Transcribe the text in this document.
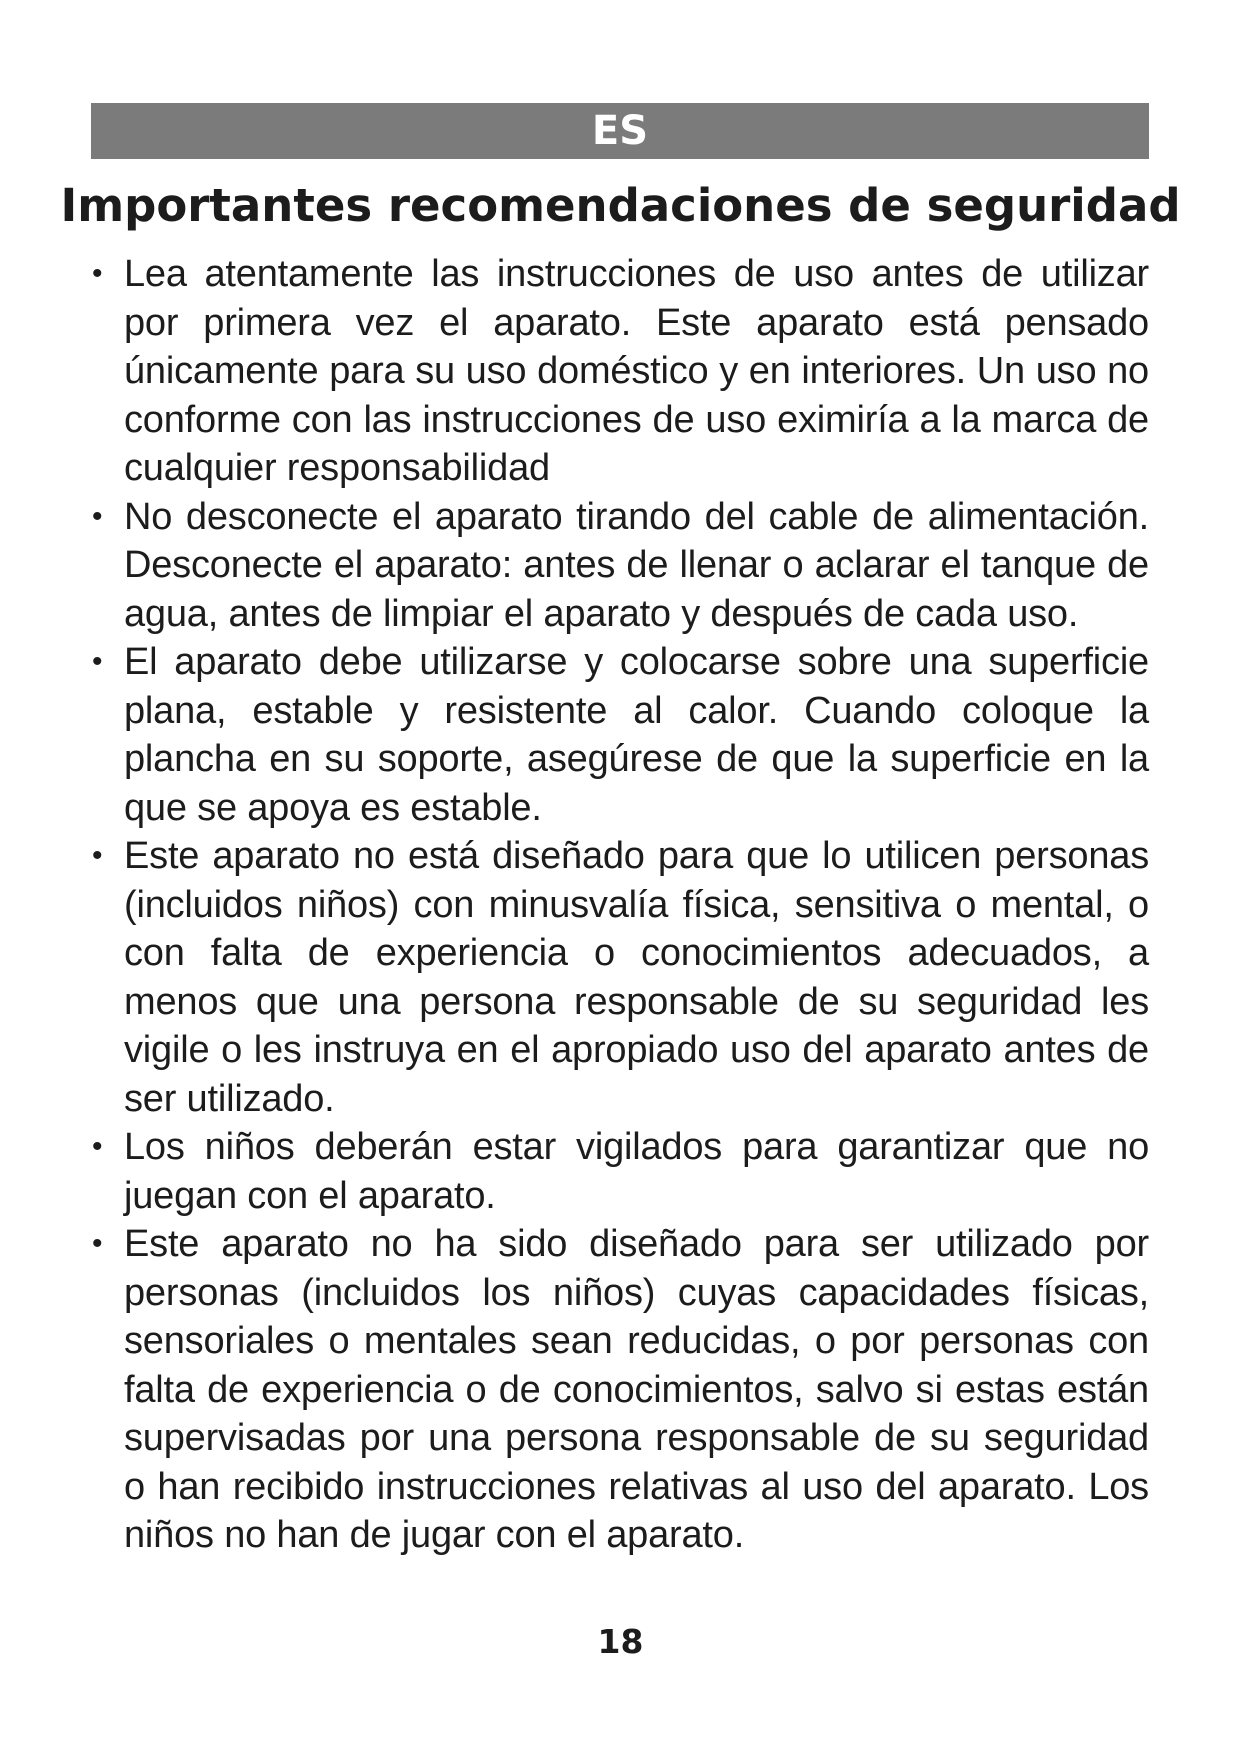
ES
Importantes recomendaciones de seguridad
• Lea atentamente las instrucciones de uso antes de utilizar por primera vez el aparato. Este aparato está pensado únicamente para su uso doméstico y en interiores. Un uso no conforme con las instrucciones de uso eximiría a la marca de cualquier responsabilidad
• No desconecte el aparato tirando del cable de alimentación. Desconecte el aparato: antes de llenar o aclarar el tanque de agua, antes de limpiar el aparato y después de cada uso.
• El aparato debe utilizarse y colocarse sobre una superficie plana, estable y resistente al calor. Cuando coloque la plancha en su soporte, asegúrese de que la superficie en la que se apoya es estable.
• Este aparato no está diseñado para que lo utilicen personas (incluidos niños) con minusvalía física, sensitiva o mental, o con falta de experiencia o conocimientos adecuados, a menos que una persona responsable de su seguridad les vigile o les instruya en el apropiado uso del aparato antes de ser utilizado.
• Los niños deberán estar vigilados para garantizar que no juegan con el aparato.
• Este aparato no ha sido diseñado para ser utilizado por personas (incluidos los niños) cuyas capacidades físicas, sensoriales o mentales sean reducidas, o por personas con falta de experiencia o de conocimientos, salvo si estas están supervisadas por una persona responsable de su seguridad o han recibido instrucciones relativas al uso del aparato. Los niños no han de jugar con el aparato.
18
